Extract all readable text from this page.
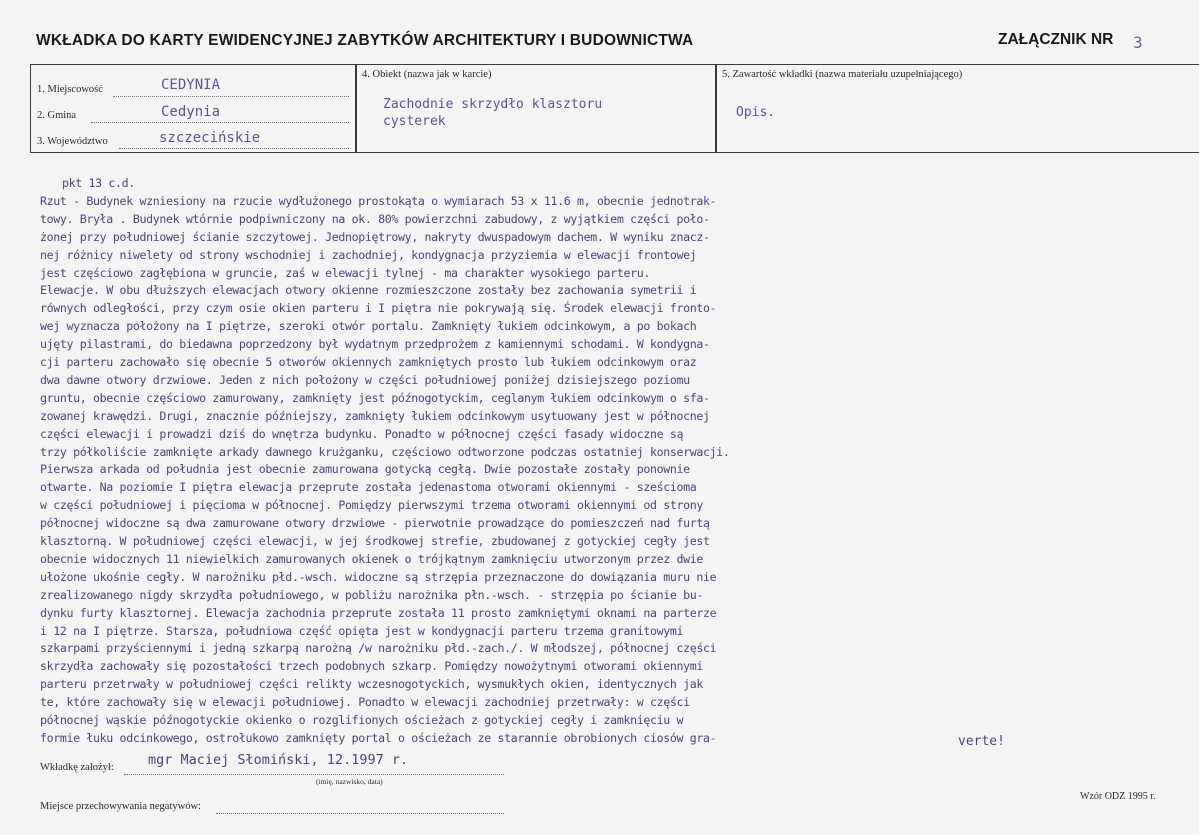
WKŁADKA DO KARTY EWIDENCYJNEJ ZABYTKÓW ARCHITEKTURY I BUDOWNICTWA	ZAŁĄCZNIK NR 3
1. Miejscowość	CEDYNIA
2. Gmina	Cedynia
3. Województwo	szczecińskie
4. Obiekt (nazwa jak w karcie)
Zachodnie skrzydło klasztoru
cysterek
5. Zawartość wkładki (nazwa materiału uzupełniającego)
Opis.
pkt 13 c.d.
Rzut - Budynek wzniesiony na rzucie wydłużonego prostokąta o wymiarach 53 x 11.6 m, obecnie jednotrak-
towy. Bryła . Budynek wtórnie podpiwniczony na ok. 80% powierzchni zabudowy, z wyjątkiem części poło-
żonej przy południowej ścianie szczytowej. Jednopiętrowy, nakryty dwuspadowym dachem. W wyniku znacz-
nej różnicy niwelety od strony wschodniej i zachodniej, kondygnacja przyziemia w elewacji frontowej
jest częściowo zagłębiona w gruncie, zaś w elewacji tylnej - ma charakter wysokiego parteru.
Elewacje. W obu dłuższych elewacjach otwory okienne rozmieszczone zostały bez zachowania symetrii i
równych odległości, przy czym osie okien parteru i I piętra nie pokrywają się. Środek elewacji fronto-
wej wyznacza położony na I piętrze, szeroki otwór portalu. Zamknięty łukiem odcinkowym, a po bokach
ujęty pilastrami, do biedawna poprzedzony był wydatnym przedprożem z kamiennymi schodami. W kondygna-
cji parteru zachowało się obecnie 5 otworów okiennych zamkniętych prosto lub łukiem odcinkowym oraz
dwa dawne otwory drzwiowe. Jeden z nich położony w części południowej poniżej dzisiejszego poziomu
gruntu, obecnie częściowo zamurowany, zamknięty jest późnogotyckim, ceglanym łukiem odcinkowym o sfa-
zowanej krawędzi. Drugi, znacznie późniejszy, zamknięty łukiem odcinkowym usytuowany jest w północnej
części elewacji i prowadzi dziś do wnętrza budynku. Ponadto w północnej części fasady widoczne są
trzy półkoliście zamknięte arkady dawnego krużganku, częściowo odtworzone podczas ostatniej konserwacji.
Pierwsza arkada od południa jest obecnie zamurowana gotycką cegłą. Dwie pozostałe zostały ponownie
otwarte. Na poziomie I piętra elewacja przeprute została jedenastoma otworami okiennymi - sześcioma
w części południowej i pięcioma w północnej. Pomiędzy pierwszymi trzema otworami okiennymi od strony
północnej widoczne są dwa zamurowane otwory drzwiowe - pierwotnie prowadzące do pomieszczeń nad furtą
klasztorną. W południowej części elewacji, w jej środkowej strefie, zbudowanej z gotyckiej cegły jest
obecnie widocznych 11 niewielkich zamurowanych okienek o trójkątnym zamknięciu utworzonym przez dwie
ułożone ukośnie cegły. W narożniku płd.-wsch. widoczne są strzępia przeznaczone do dowiązania muru nie
zrealizowanego nigdy skrzydła południowego, w pobliżu narożnika płn.-wsch. - strzępia po ścianie bu-
dynku furty klasztornej. Elewacja zachodnia przeprute została 11 prosto zamkniętymi oknami na parterze
i 12 na I piętrze. Starsza, południowa część opięta jest w kondygnacji parteru trzema granitowymi
szkarpami przyściennymi i jedną szkarpą narożną /w narożniku płd.-zach./. W młodszej, północnej części
skrzydła zachowały się pozostałości trzech podobnych szkarp. Pomiędzy nowożytnymi otworami okiennymi
parteru przetrwały w południowej części relikty wczesnogotyckich, wysmukłych okien, identycznych jak
te, które zachowały się w elewacji południowej. Ponadto w elewacji zachodniej przetrwały: w części
północnej wąskie późnogotyckie okienko o rozglifionych ościeżach z gotyckiej cegły i zamknięciu w
formie łuku odcinkowego, ostrołukowo zamknięty portal o ościeżach ze starannie obrobionych ciosów gra-	verte!
Wkładkę założył:	mgr Maciej Słomiński, 12.1997 r.
(imię, nazwisko, data)
Miejsce przechowywania negatywów:
Wzór ODZ 1995 r.
